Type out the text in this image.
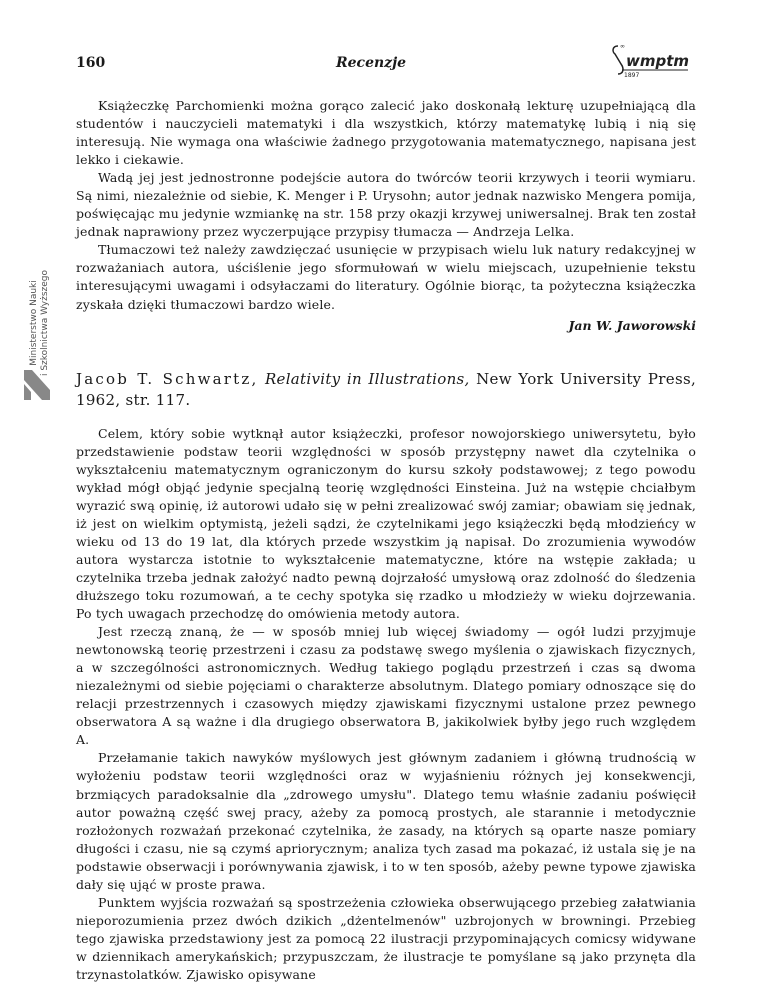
160	Recenzje
∞
wmptm
1897
Ministerstwo Nauki i Szkolnictwa Wyższego

Książeczkę Parchomienki można gorąco zalecić jako doskonałą lekturę uzupełniającą dla studentów i nauczycieli matematyki i dla wszystkich, którzy matematykę lubią i nią się interesują. Nie wymaga ona właściwie żadnego przygotowania matematycznego, napisana jest lekko i ciekawie.

Wadą jej jest jednostronne podejście autora do twórców teorii krzywych i teorii wymiaru. Są nimi, niezależnie od siebie, K. Menger i P. Urysohn; autor jednak nazwisko Mengera pomija, poświęcając mu jedynie wzmiankę na str. 158 przy okazji krzywej uniwersalnej. Brak ten został jednak naprawiony przez wyczerpujące przypisy tłumacza — Andrzeja Lelka.

Tłumaczowi też należy zawdzięczać usunięcie w przypisach wielu luk natury redakcyjnej w rozważaniach autora, uściślenie jego sformułowań w wielu miejscach, uzupełnienie tekstu interesującymi uwagami i odsyłaczami do literatury. Ogólnie biorąc, ta pożyteczna książeczka zyskała dzięki tłumaczowi bardzo wiele.

Jan W. Jaworowski
Jacob T. Schwartz, Relativity in Illustrations, New York University Press, 1962, str. 117.

Celem, który sobie wytknął autor książeczki, profesor nowojorskiego uniwersytetu, było przedstawienie podstaw teorii względności w sposób przystępny nawet dla czytelnika o wykształceniu matematycznym ograniczonym do kursu szkoły podstawowej; z tego powodu wykład mógł objąć jedynie specjalną teorię względności Einsteina. Już na wstępie chciałbym wyrazić swą opinię, iż autorowi udało się w pełni zrealizować swój zamiar; obawiam się jednak, iż jest on wielkim optymistą, jeżeli sądzi, że czytelnikami jego książeczki będą młodzieńcy w wieku od 13 do 19 lat, dla których przede wszystkim ją napisał. Do zrozumienia wywodów autora wystarcza istotnie to wykształcenie matematyczne, które na wstępie zakłada; u czytelnika trzeba jednak założyć nadto pewną dojrzałość umysłową oraz zdolność do śledzenia dłuższego toku rozumowań, a te cechy spotyka się rzadko u młodzieży w wieku dojrzewania. Po tych uwagach przechodzę do omówienia metody autora.

Jest rzeczą znaną, że — w sposób mniej lub więcej świadomy — ogół ludzi przyjmuje newtonowską teorię przestrzeni i czasu za podstawę swego myślenia o zjawiskach fizycznych, a w szczególności astronomicznych. Według takiego poglądu przestrzeń i czas są dwoma niezależnymi od siebie pojęciami o charakterze absolutnym. Dlatego pomiary odnoszące się do relacji przestrzennych i czasowych między zjawiskami fizycznymi ustalone przez pewnego obserwatora A są ważne i dla drugiego obserwatora B, jakikolwiek byłby jego ruch względem A.

Przełamanie takich nawyków myślowych jest głównym zadaniem i główną trudnością w wyłożeniu podstaw teorii względności oraz w wyjaśnieniu różnych jej konsekwencji, brzmiących paradoksalnie dla „zdrowego umysłu". Dlatego temu właśnie zadaniu poświęcił autor poważną część swej pracy, ażeby za pomocą prostych, ale starannie i metodycznie rozłożonych rozważań przekonać czytelnika, że zasady, na których są oparte nasze pomiary długości i czasu, nie są czymś apriorycznym; analiza tych zasad ma pokazać, iż ustala się je na podstawie obserwacji i porównywania zjawisk, i to w ten sposób, ażeby pewne typowe zjawiska dały się ująć w proste prawa.

Punktem wyjścia rozważań są spostrzeżenia człowieka obserwującego przebieg załatwiania nieporozumienia przez dwóch dzikich „dżentelmenów" uzbrojonych w browningi. Przebieg tego zjawiska przedstawiony jest za pomocą 22 ilustracji przypominających comicsy widywane w dziennikach amerykańskich; przypuszczam, że ilustracje te pomyślane są jako przynęta dla trzynastolatków. Zjawisko opisywane
